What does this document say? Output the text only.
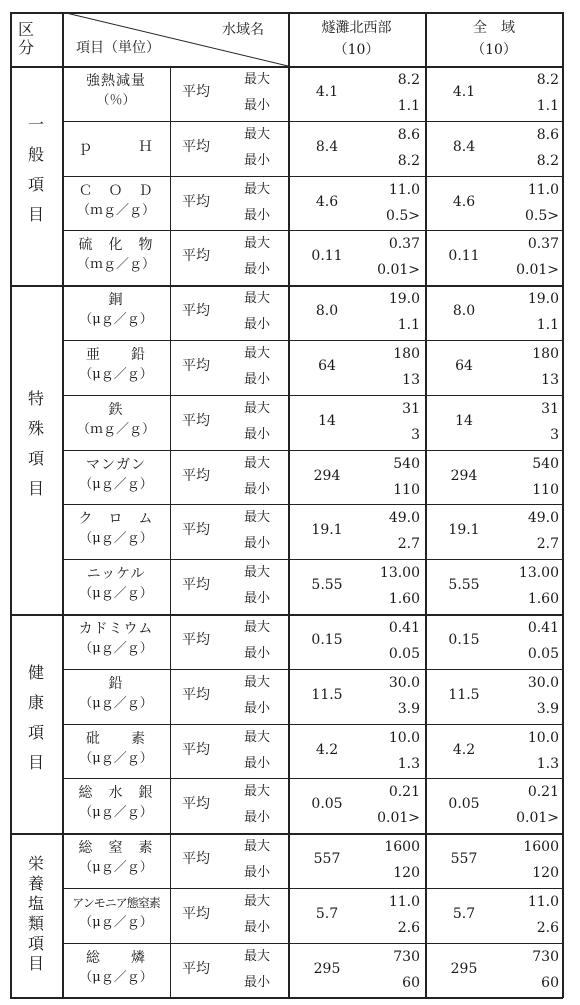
区分
水域名
項目（単位）
燧灘北西部
（10）
全　域
（10）
一
般
項
目
特
殊
項
目
健
康
項
目
栄
養
塩
類
項
目
強熱減量
（％）
平均
最大
最小
4.1
8.2
1.1
4.1
8.2
1.1
ｐ　　　Ｈ	平均
最大
最小
8.4
8.6
8.2
8.4
8.6
8.2
Ｃ　Ｏ　Ｄ
（ｍｇ／ｇ）
平均
最大
最小
4.6
11.0
0.5>
4.6
11.0
0.5>
硫　化　物
（ｍｇ／ｇ）
平均
最大
最小
0.11
0.37
0.01>
0.11
0.37
0.01>
銅
（μｇ／ｇ）
平均
最大
最小
8.0
19.0
1.1
8.0
19.0
1.1
亜　　鉛
（μｇ／ｇ）
平均
最大
最小
64
180
13
64
180
13
鉄
（ｍｇ／ｇ）
平均
最大
最小
14
31
3
14
31
3
マンガン
（μｇ／ｇ）
平均
最大
最小
294
540
110
294
540
110
ク　ロ　ム
（μｇ／ｇ）
平均
最大
最小
19.1
49.0
2.7
19.1
49.0
2.7
ニッケル
（μｇ／ｇ）
平均
最大
最小
5.55
13.00
1.60
5.55
13.00
1.60
カドミウム
（μｇ／ｇ）
平均
最大
最小
0.15
0.41
0.05
0.15
0.41
0.05
鉛
（μｇ／ｇ）
平均
最大
最小
11.5
30.0
3.9
11.5
30.0
3.9
砒　　素
（μｇ／ｇ）
平均
最大
最小
4.2
10.0
1.3
4.2
10.0
1.3
総　水　銀
（μｇ／ｇ）
平均
最大
最小
0.05
0.21
0.01>
0.05
0.21
0.01>
総　窒　素
（μｇ／ｇ）
平均
最大
最小
557
1600
120
557
1600
120
アンモニア態窒素
（μｇ／ｇ）
平均
最大
最小
5.7
11.0
2.6
5.7
11.0
2.6
総　　燐
（μｇ／ｇ）
平均
最大
最小
295
730
60
295
730
60
